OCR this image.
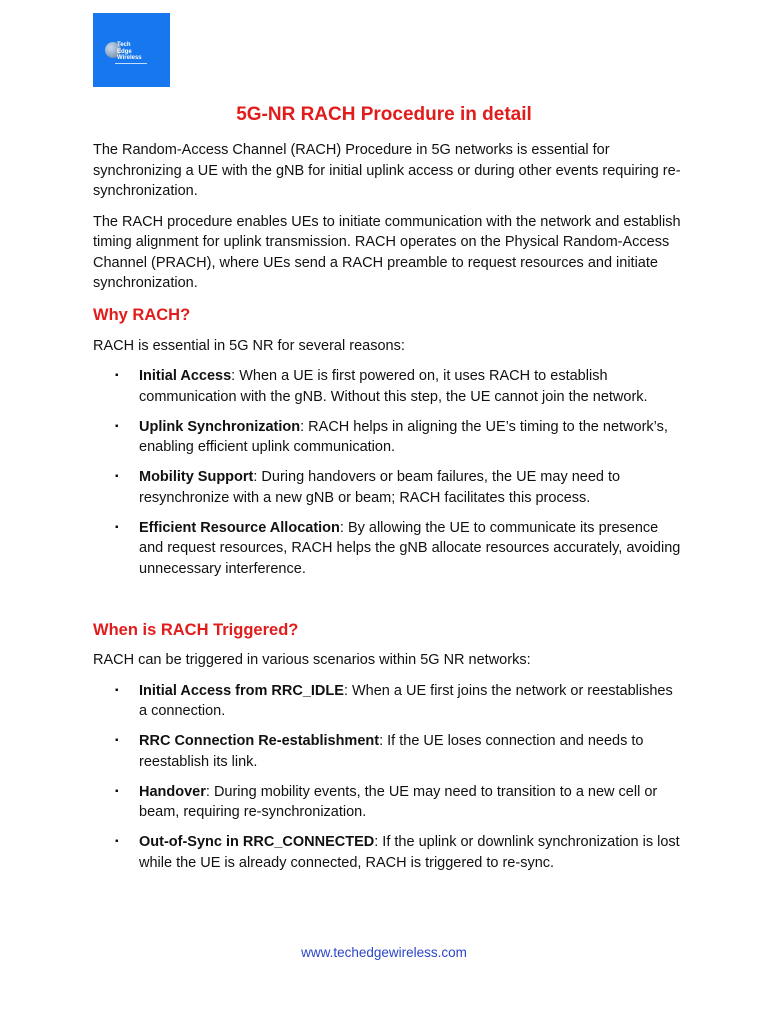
Tech
Edge
Wireless
5G-NR RACH Procedure in detail

The Random-Access Channel (RACH) Procedure in 5G networks is essential for synchronizing a UE with the gNB for initial uplink access or during other events requiring re-synchronization.

The RACH procedure enables UEs to initiate communication with the network and establish timing alignment for uplink transmission. RACH operates on the Physical Random-Access Channel (PRACH), where UEs send a RACH preamble to request resources and initiate synchronization.

Why RACH?

RACH is essential in 5G NR for several reasons:

▪ Initial Access: When a UE is first powered on, it uses RACH to establish communication with the gNB. Without this step, the UE cannot join the network.
▪ Uplink Synchronization: RACH helps in aligning the UE’s timing to the network’s, enabling efficient uplink communication.
▪ Mobility Support: During handovers or beam failures, the UE may need to resynchronize with a new gNB or beam; RACH facilitates this process.
▪ Efficient Resource Allocation: By allowing the UE to communicate its presence and request resources, RACH helps the gNB allocate resources accurately, avoiding unnecessary interference.
When is RACH Triggered?

RACH can be triggered in various scenarios within 5G NR networks:

▪ Initial Access from RRC_IDLE: When a UE first joins the network or reestablishes a connection.
▪ RRC Connection Re-establishment: If the UE loses connection and needs to reestablish its link.
▪ Handover: During mobility events, the UE may need to transition to a new cell or beam, requiring re-synchronization.
▪ Out-of-Sync in RRC_CONNECTED: If the uplink or downlink synchronization is lost while the UE is already connected, RACH is triggered to re-sync.
www.techedgewireless.com
